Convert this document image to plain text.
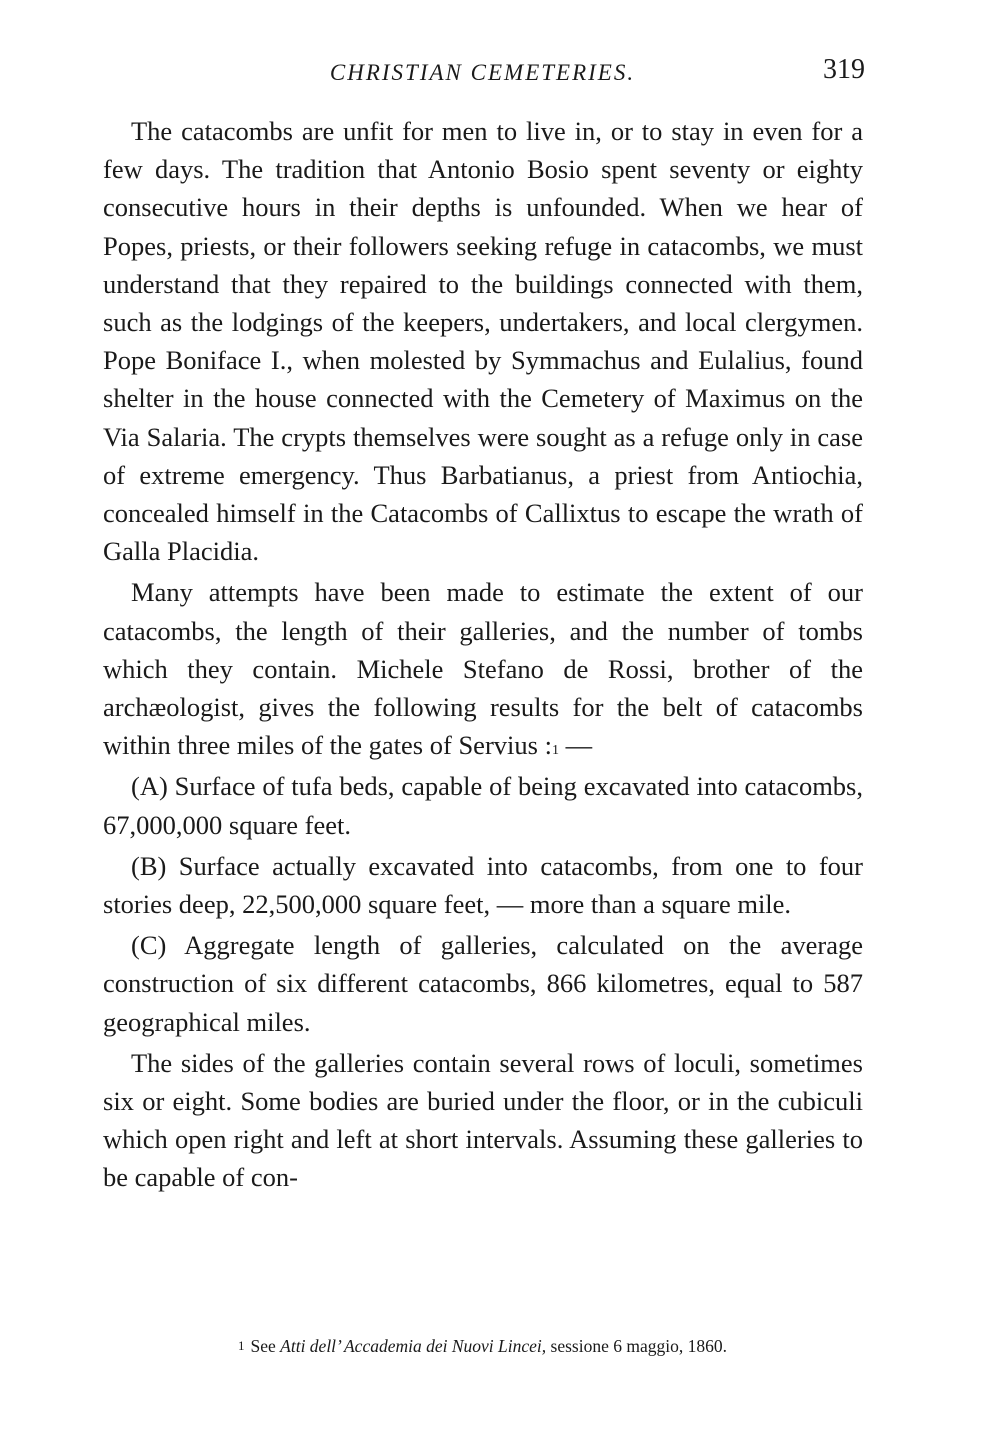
CHRISTIAN CEMETERIES.	319

The catacombs are unfit for men to live in, or to stay in even for a few days. The tradition that Antonio Bosio spent seventy or eighty consecutive hours in their depths is unfounded. When we hear of Popes, priests, or their followers seeking refuge in catacombs, we must understand that they repaired to the buildings connected with them, such as the lodgings of the keepers, undertakers, and local clergymen. Pope Boniface I., when molested by Symmachus and Eulalius, found shelter in the house connected with the Cemetery of Maximus on the Via Salaria. The crypts themselves were sought as a refuge only in case of extreme emergency. Thus Barbatianus, a priest from Antiochia, concealed himself in the Catacombs of Callixtus to escape the wrath of Galla Placidia.

Many attempts have been made to estimate the extent of our catacombs, the length of their galleries, and the number of tombs which they contain. Michele Stefano de Rossi, brother of the archæologist, gives the following results for the belt of catacombs within three miles of the gates of Servius :$^1$ —

(A) Surface of tufa beds, capable of being excavated into catacombs, 67,000,000 square feet.

(B) Surface actually excavated into catacombs, from one to four stories deep, 22,500,000 square feet, — more than a square mile.

(C) Aggregate length of galleries, calculated on the average construction of six different catacombs, 866 kilometres, equal to 587 geographical miles.

The sides of the galleries contain several rows of loculi, sometimes six or eight. Some bodies are buried under the floor, or in the cubiculi which open right and left at short intervals. Assuming these galleries to be capable of con-

$^1$ See Atti dell’ Accademia dei Nuovi Lincei, sessione 6 maggio, 1860.
